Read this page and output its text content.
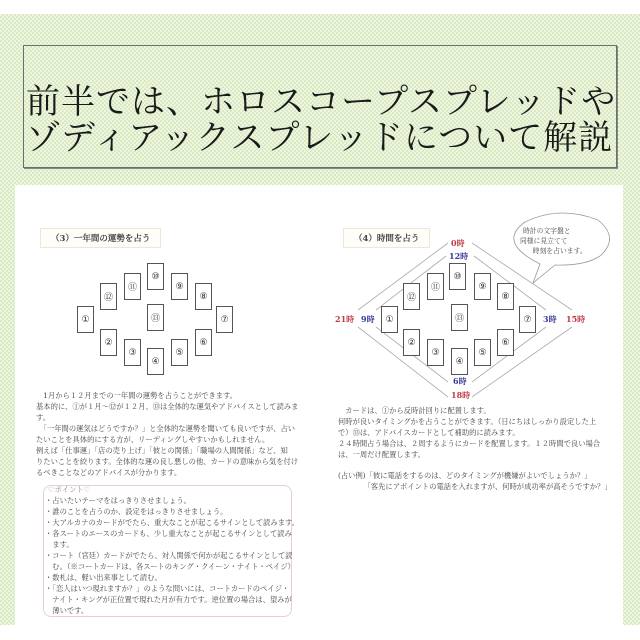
前半では、ホロスコープスプレッドや
ゾディアックスプレッドについて解説
（3）一年間の運勢を占う
①
②
③
④
⑤
⑥
⑦
⑧
⑨
⑩
⑪
⑫
⑬
　1月から１２月までの一年間の運勢を占うことができます。
基本的に、①が１月～⑫が１２月、⑬は全体的な運気やアドバイスとして読みま
す。
　「一年間の運気はどうですか？」と全体的な運勢を聞いても良いですが、占い
たいことを具体的にする方が、リーディングしやすいかもしれません。
例えば「仕事運」「店の売り上げ」「彼との関係」「職場の人間関係」など、知
りたいことを絞ります。全体的な運の良し悪しの他、カードの意味から気を付け
るべきことなどのアドバイスが分かります。
♡ポイント♡
・占いたいテーマをはっきりさせましょう。
・誰のことを占うのか、設定をはっきりさせましょう。
・大アルカナのカードがでたら、重大なことが起こるサインとして読みます。
・各スートのエースのカードも、少し重大なことが起こるサインとして読み
　ます。
・コート（宮廷）カードがでたら、対人関係で何かが起こるサインとして読
　む。（※コートカードは、各スートのキング・クイーン・ナイト・ペイジ）
・数札は、軽い出来事として読む。
・「恋人はいつ現れますか？」のような問いには、コートカードのペイジ・
　ナイト・キングが正位置で現れた月が有力です。逆位置の場合は、望みが
　薄いです。
（4）時間を占う
時計の文字盤と
同様に見立てて
　時刻を占います。
0時
12時
21時 9時	3時 15時
6時
18時
①
②
③
④
⑤
⑥
⑦
⑧
⑨
⑩
⑪
⑫
⑬
　カードは、①から反時計回りに配置します。
何時が良いタイミングかを占うことができます。（日にちはしっかり設定した上
で）⑬は、アドバイスカードとして補助的に読みます。
２４時間占う場合は、２周するようにカードを配置します。１２時間で良い場合
は、一周だけ配置します。
(占い例)「彼に電話をするのは、どのタイミングが機嫌がよいでしょうか？」
　　　　「客先にアポイントの電話を入れますが、何時が成功率が高そうですか？」
